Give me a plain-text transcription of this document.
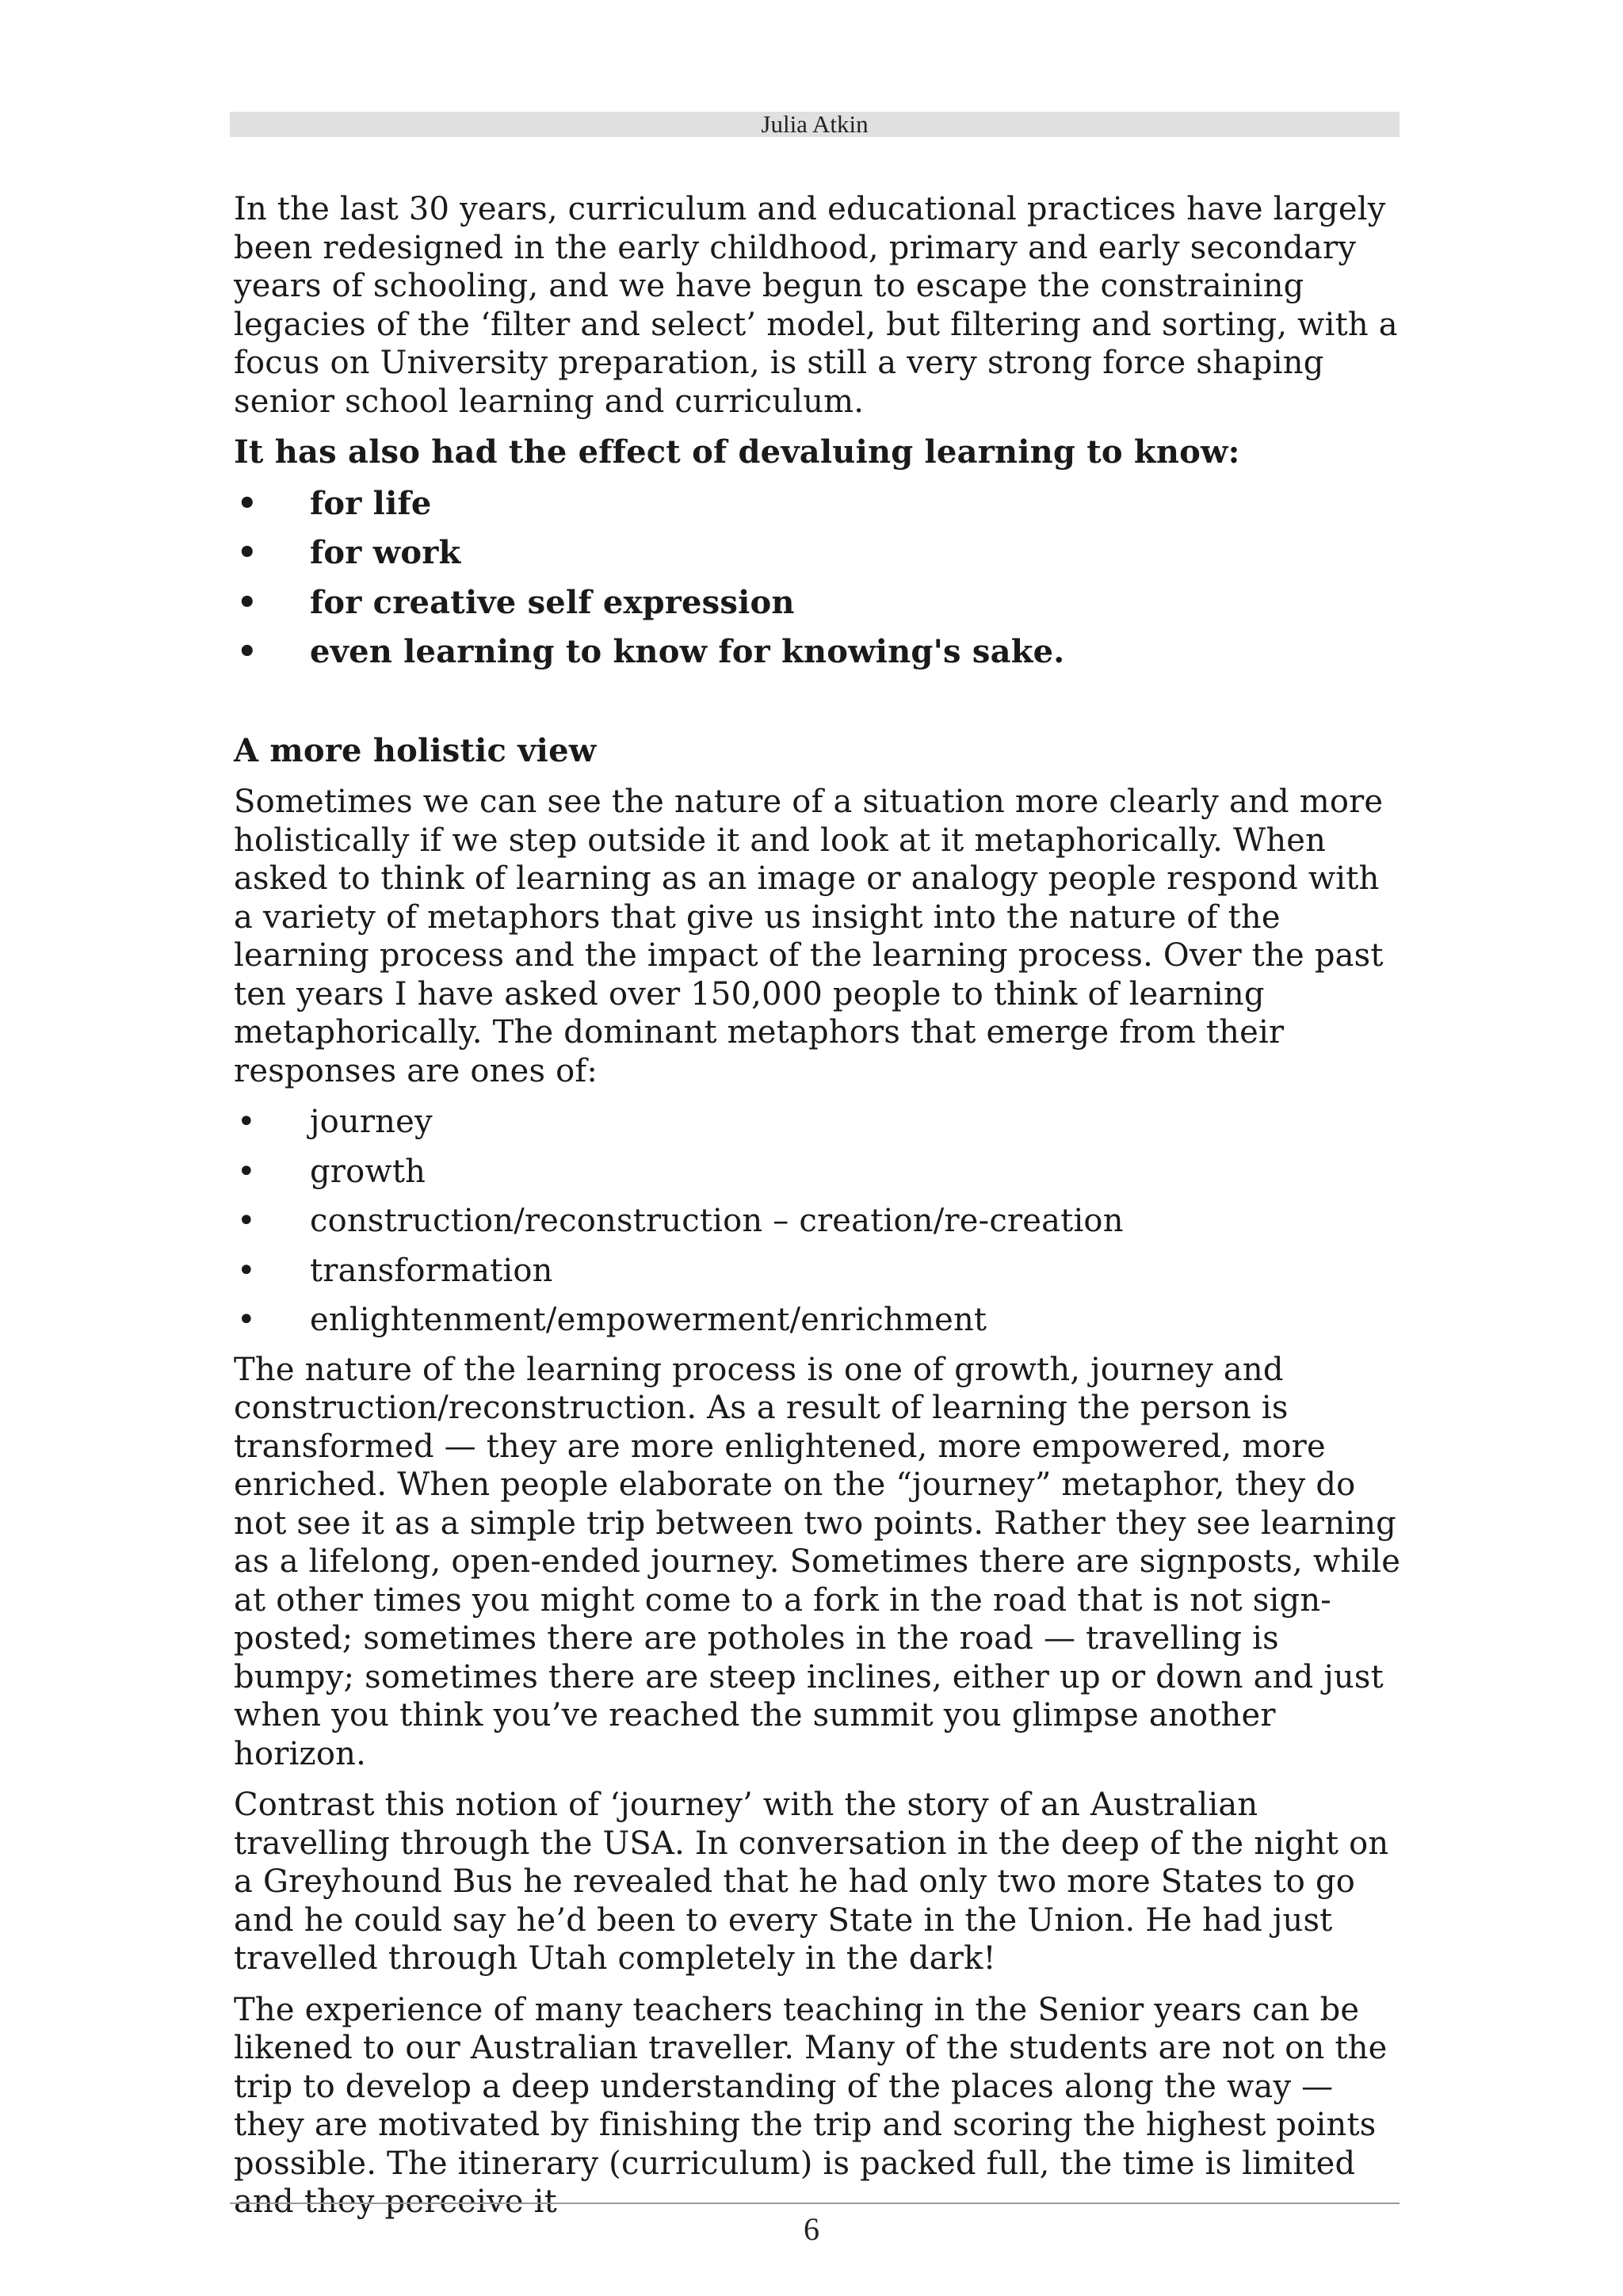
Julia Atkin

In the last 30 years, curriculum and educational practices have largely been redesigned in the early childhood, primary and early secondary years of schooling, and we have begun to escape the constraining legacies of the ‘filter and select’ model, but filtering and sorting, with a focus on University preparation, is still a very strong force shaping senior school learning and curriculum.

It has also had the effect of devaluing learning to know:

• for life
• for work
• for creative self expression
• even learning to know for knowing's sake.

A more holistic view

Sometimes we can see the nature of a situation more clearly and more holistically if we step outside it and look at it metaphorically. When asked to think of learning as an image or analogy people respond with a variety of metaphors that give us insight into the nature of the learning process and the impact of the learning process. Over the past ten years I have asked over 150,000 people to think of learning metaphorically. The dominant metaphors that emerge from their responses are ones of:

• journey
• growth
• construction/reconstruction – creation/re-creation
• transformation
• enlightenment/empowerment/enrichment

The nature of the learning process is one of growth, journey and construction/reconstruction. As a result of learning the person is transformed — they are more enlightened, more empowered, more enriched. When people elaborate on the “journey” metaphor, they do not see it as a simple trip between two points. Rather they see learning as a lifelong, open-ended journey. Sometimes there are signposts, while at other times you might come to a fork in the road that is not sign-posted; sometimes there are potholes in the road — travelling is bumpy; sometimes there are steep inclines, either up or down and just when you think you’ve reached the summit you glimpse another horizon.

Contrast this notion of ‘journey’ with the story of an Australian travelling through the USA. In conversation in the deep of the night on a Greyhound Bus he revealed that he had only two more States to go and he could say he’d been to every State in the Union. He had just travelled through Utah completely in the dark!

The experience of many teachers teaching in the Senior years can be likened to our Australian traveller. Many of the students are not on the trip to develop a deep understanding of the places along the way — they are motivated by finishing the trip and scoring the highest points possible. The itinerary (curriculum) is packed full, the time is limited and they perceive it

6
